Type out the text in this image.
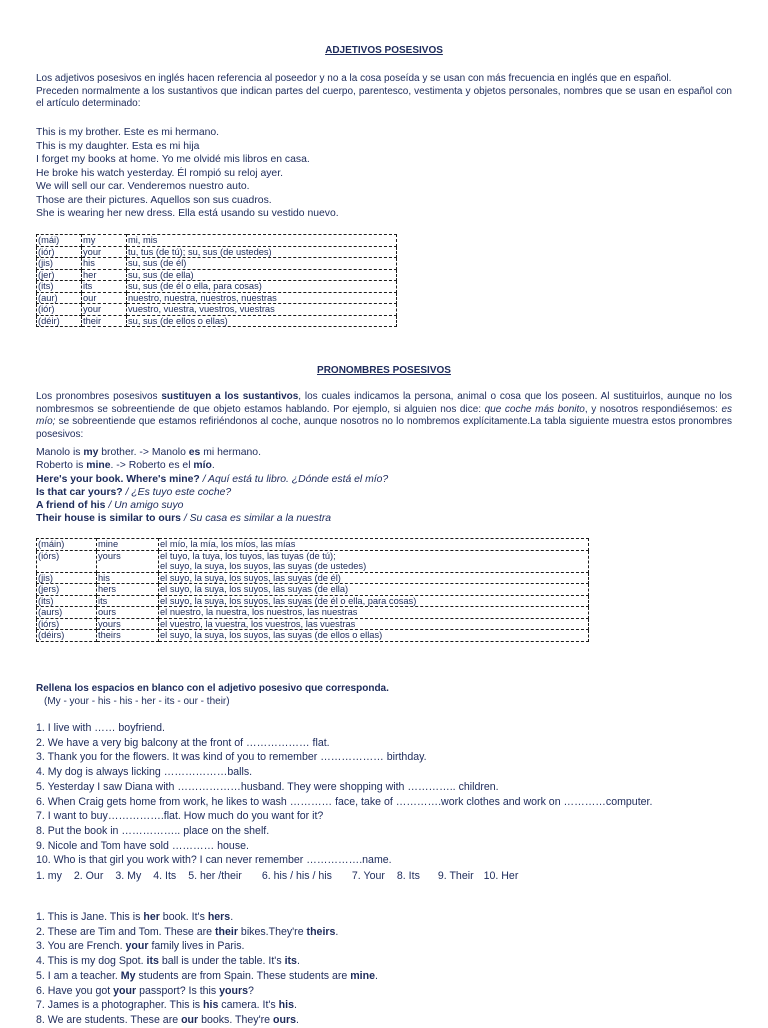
ADJETIVOS POSESIVOS

Los adjetivos posesivos en inglés hacen referencia al poseedor y no a la cosa poseída y se usan con más frecuencia en inglés que en español.

Preceden normalmente a los sustantivos que indican partes del cuerpo, parentesco, vestimenta y objetos personales, nombres que se usan en español con el artículo determinado:

This is my brother. Este es mi hermano.

This is my daughter. Esta es mi hija

I forget my books at home. Yo me olvidé mis libros en casa.

He broke his watch yesterday. Él rompió su reloj ayer.

We will sell our car. Venderemos nuestro auto.

Those are their pictures. Aquellos son sus cuadros.

She is wearing her new dress. Ella está usando su vestido nuevo.

(mái)	my	mi, mis
(iór)	your	tu, tus (de tú); su, sus (de ustedes)
(jis)	his	su, sus (de él)
(jer)	her	su, sus (de ella)
(its)	its	su, sus (de él o ella, para cosas)
(aur)	our	nuestro, nuestra, nuestros, nuestras
(iór)	your	vuestro, vuestra, vuestros, vuestras
(déir)	their	su, sus (de ellos o ellas)
PRONOMBRES POSESIVOS

Los pronombres posesivos sustituyen a los sustantivos, los cuales indicamos la persona, animal o cosa que los poseen. Al sustituirlos, aunque no los nombresmos se sobreentiende de que objeto estamos hablando. Por ejemplo, si alguien nos dice: que coche más bonito, y nosotros respondiésemos: es mío; se sobreentiende que estamos refiriéndonos al coche, aunque nosotros no lo nombremos explícitamente.La tabla siguiente muestra estos pronombres posesivos:

Manolo is my brother. -> Manolo es mi hermano.

Roberto is mine. -> Roberto es el mío.

Here's your book. Where's mine? / Aquí está tu libro. ¿Dónde está el mío?

Is that car yours? / ¿Es tuyo este coche?

A friend of his / Un amigo suyo

Their house is similar to ours / Su casa es similar a la nuestra

(máin)	mine	el mío, la mía, los míos, las mías
(iórs)	yours	el tuyo, la tuya, los tuyos, las tuyas (de tú);
el suyo, la suya, los suyos, las suyas (de ustedes)

(jis)	his	el suyo, la suya, los suyos, las suyas (de él)
(jers)	hers	el suyo, la suya, los suyos, las suyas (de ella)
(its)	its	el suyo, la suya, los suyos, las suyas (de él o ella, para cosas)
(aurs)	ours	el nuestro, la nuestra, los nuestros, las nuestras
(iórs)	yours	el vuestro, la vuestra, los vuestros, las vuestras
(déirs)	theirs	el suyo, la suya, los suyos, las suyas (de ellos o ellas)

Rellena los espacios en blanco con el adjetivo posesivo que corresponda.

(My - your - his - his - her - its - our - their)

1. I live with …… boyfriend.

2. We have a very big balcony at the front of ……………… flat.

3. Thank you for the flowers. It was kind of you to remember ……………… birthday.

4. My dog is always licking ………………balls.

5. Yesterday I saw Diana with ………………husband. They were shopping with ………….. children.

6. When Craig gets home from work, he likes to wash ………… face, take of ………….work clothes and work on …………computer.

7. I want to buy…………….flat. How much do you want for it?

8. Put the book in …………….. place on the shelf.

9. Nicole and Tom have sold ………… house.

10. Who is that girl you work with? I can never remember …………….name.

1. my 2. Our 3. My 4. Its 5. her /their 6. his / his / his 7. Your 8. Its 9. Their 10. Her

1. This is Jane. This is her book. It's hers.

2. These are Tim and Tom. These are their bikes.They're theirs.

3. You are French. your family lives in Paris.

4. This is my dog Spot. its ball is under the table. It's its.

5. I am a teacher. My students are from Spain. These students are mine.

6. Have you got your passport? Is this yours?

7. James is a photographer. This is his camera. It's his.

8. We are students. These are our books. They're ours.
